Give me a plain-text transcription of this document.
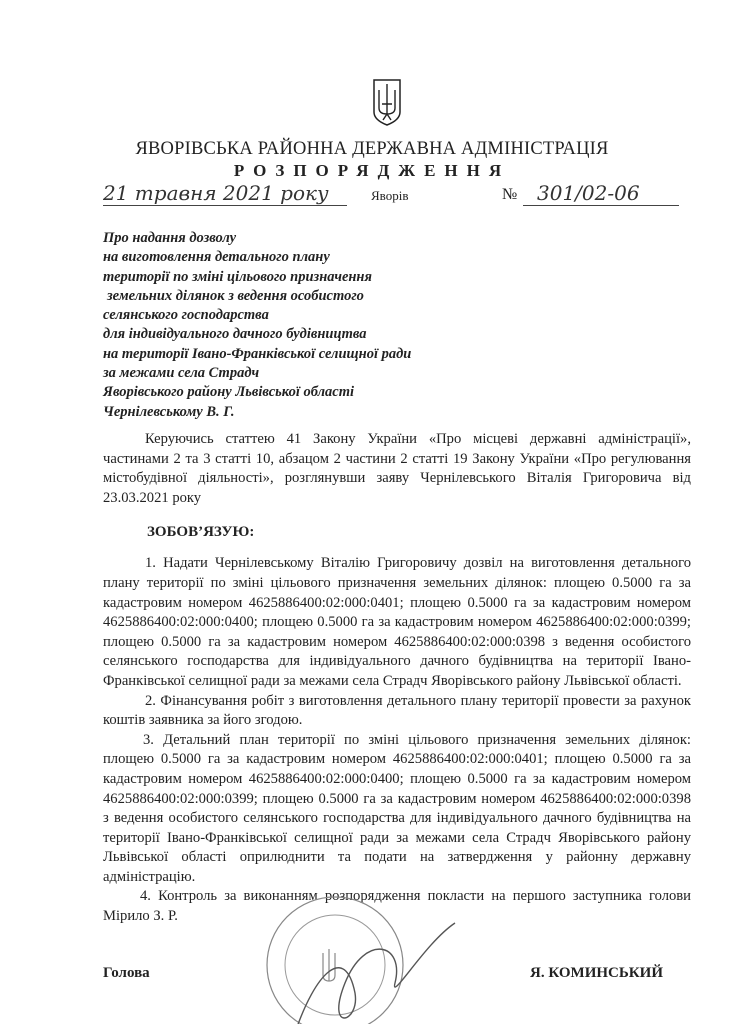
ЯВОРІВСЬКА РАЙОННА ДЕРЖАВНА АДМІНІСТРАЦІЯ
РОЗПОРЯДЖЕННЯ
21 травня 2021 року	Яворів	№ 301/02-06
Про надання дозволу
на виготовлення детального плану
території по зміні цільового призначення
земельних ділянок з ведення особистого
селянського господарства
для індивідуального дачного будівництва
на території Івано-Франківської селищної ради
за межами села Страдч
Яворівського району Львівської області
Чернілевському В. Г.

Керуючись статтею 41 Закону України «Про місцеві державні адміністрації», частинами 2 та 3 статті 10, абзацом 2 частини 2 статті 19 Закону України «Про регулювання містобудівної діяльності», розглянувши заяву Чернілевського Віталія Григоровича від 23.03.2021 року

ЗОБОВ’ЯЗУЮ:

1. Надати Чернілевському Віталію Григоровичу дозвіл на виготовлення детального плану території по зміні цільового призначення земельних ділянок: площею 0.5000 га за кадастровим номером 4625886400:02:000:0401; площею 0.5000 га за кадастровим номером 4625886400:02:000:0400; площею 0.5000 га за кадастровим номером 4625886400:02:000:0399; площею 0.5000 га за кадастровим номером 4625886400:02:000:0398 з ведення особистого селянського господарства для індивідуального дачного будівництва на території Івано-Франківської селищної ради за межами села Страдч Яворівського району Львівської області.

2. Фінансування робіт з виготовлення детального плану території провести за рахунок коштів заявника за його згодою.

3. Детальний план території по зміні цільового призначення земельних ділянок: площею 0.5000 га за кадастровим номером 4625886400:02:000:0401; площею 0.5000 га за кадастровим номером 4625886400:02:000:0400; площею 0.5000 га за кадастровим номером 4625886400:02:000:0399; площею 0.5000 га за кадастровим номером 4625886400:02:000:0398 з ведення особистого селянського господарства для індивідуального дачного будівництва на території Івано-Франківської селищної ради за межами села Страдч Яворівського району Львівської області оприлюднити та подати на затвердження у районну державну адміністрацію.

4. Контроль за виконанням розпорядження покласти на першого заступника голови Мірило З. Р.

Голова	Я. КОМИНСЬКИЙ
